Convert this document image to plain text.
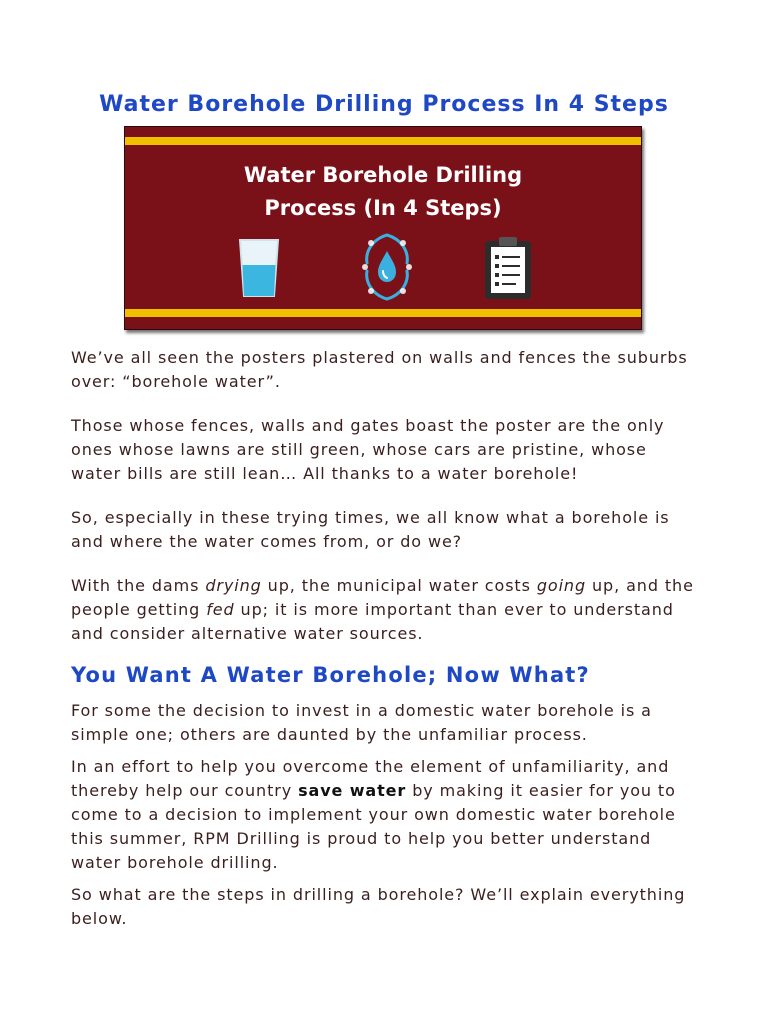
Water Borehole Drilling Process In 4 Steps
Water Borehole Drilling
Process (In 4 Steps)

We’ve all seen the posters plastered on walls and fences the suburbs over: “borehole water”.

Those whose fences, walls and gates boast the poster are the only ones whose lawns are still green, whose cars are pristine, whose water bills are still lean… All thanks to a water borehole!

So, especially in these trying times, we all know what a borehole is and where the water comes from, or do we?

With the dams drying up, the municipal water costs going up, and the people getting fed up; it is more important than ever to understand and consider alternative water sources.

You Want A Water Borehole; Now What?

For some the decision to invest in a domestic water borehole is a simple one; others are daunted by the unfamiliar process.

In an effort to help you overcome the element of unfamiliarity, and thereby help our country save water by making it easier for you to come to a decision to implement your own domestic water borehole this summer, RPM Drilling is proud to help you better understand water borehole drilling.

So what are the steps in drilling a borehole? We’ll explain everything below.
